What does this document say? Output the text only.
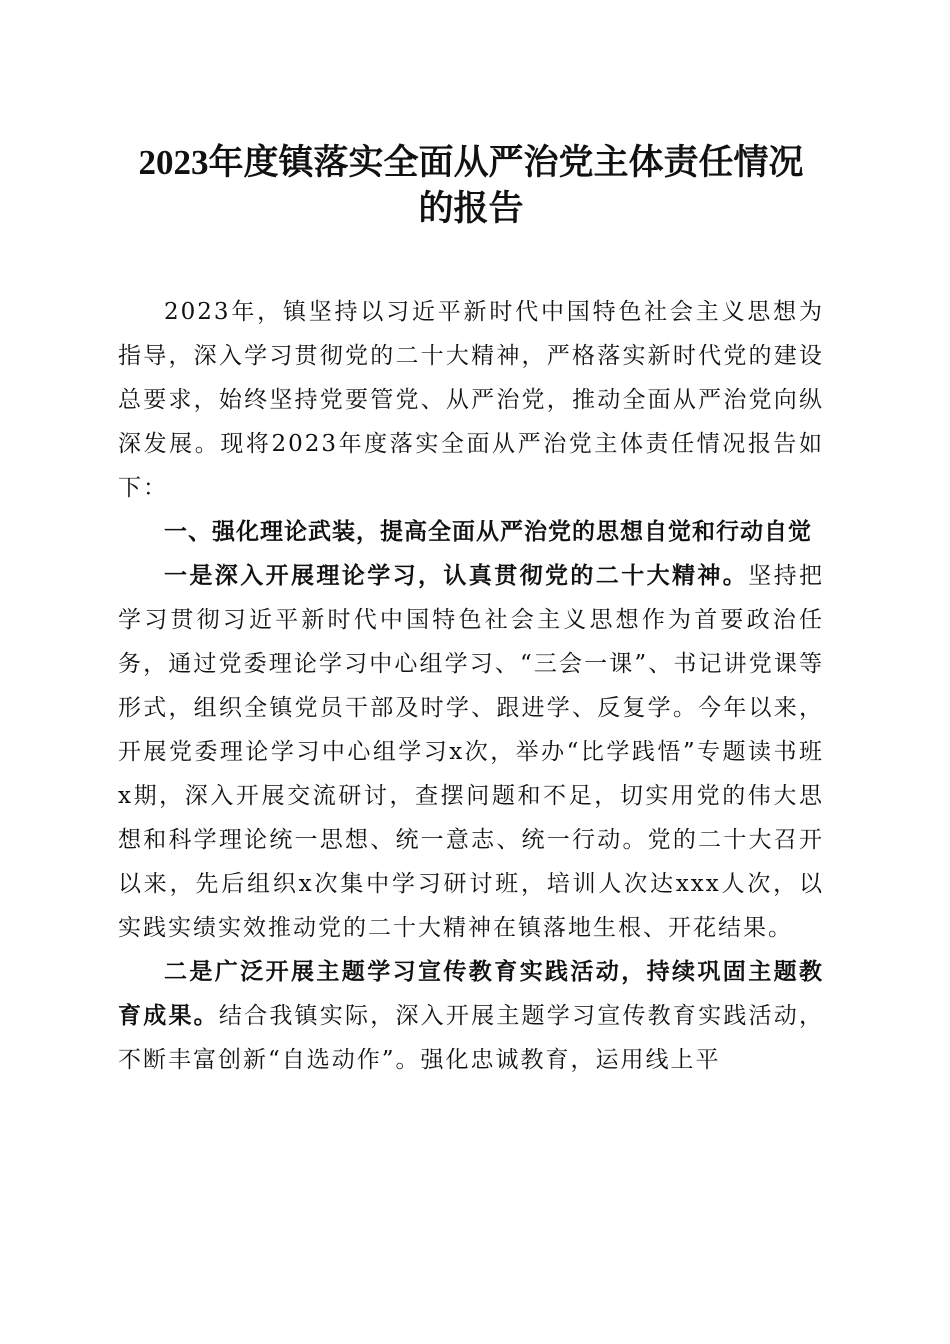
2023年度镇落实全面从严治党主体责任情况
的报告

2023年，镇坚持以习近平新时代中国特色社会主义思想为指导，深入学习贯彻党的二十大精神，严格落实新时代党的建设总要求，始终坚持党要管党、从严治党，推动全面从严治党向纵深发展。现将2023年度落实全面从严治党主体责任情况报告如下：

一、强化理论武装，提高全面从严治党的思想自觉和行动自觉

一是深入开展理论学习，认真贯彻党的二十大精神。坚持把学习贯彻习近平新时代中国特色社会主义思想作为首要政治任务，通过党委理论学习中心组学习、“三会一课”、书记讲党课等形式，组织全镇党员干部及时学、跟进学、反复学。今年以来，开展党委理论学习中心组学习x次，举办“比学践悟”专题读书班x期，深入开展交流研讨，查摆问题和不足，切实用党的伟大思想和科学理论统一思想、统一意志、统一行动。党的二十大召开以来，先后组织x次集中学习研讨班，培训人次达xxx人次，以实践实绩实效推动党的二十大精神在镇落地生根、开花结果。

二是广泛开展主题学习宣传教育实践活动，持续巩固主题教育成果。结合我镇实际，深入开展主题学习宣传教育实践活动，不断丰富创新“自选动作”。强化忠诚教育，运用线上平
